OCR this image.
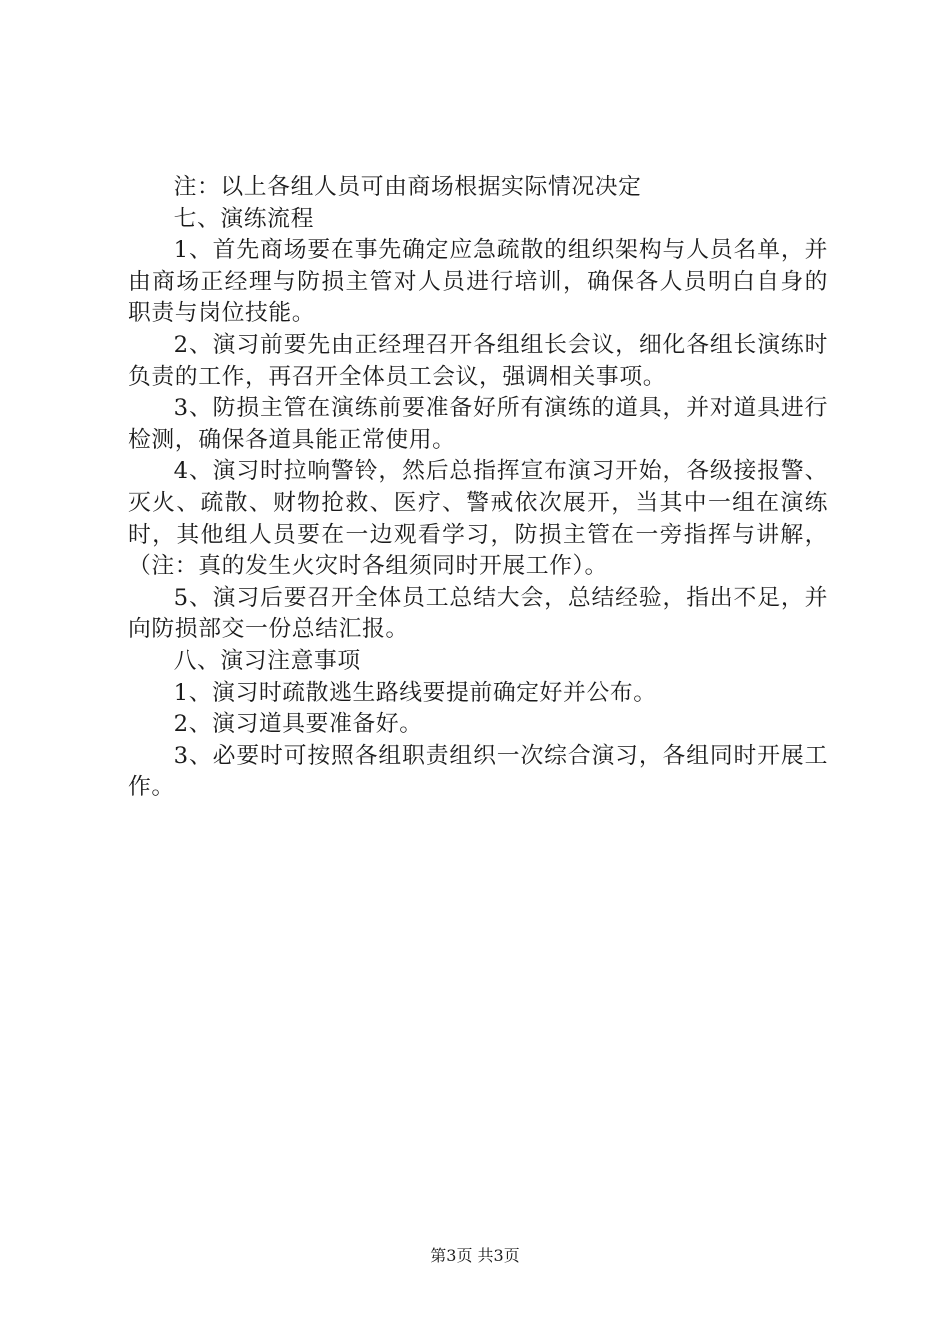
注：以上各组人员可由商场根据实际情况决定

七、演练流程

1、首先商场要在事先确定应急疏散的组织架构与人员名单，并由商场正经理与防损主管对人员进行培训，确保各人员明白自身的职责与岗位技能。

2、演习前要先由正经理召开各组组长会议，细化各组长演练时负责的工作，再召开全体员工会议，强调相关事项。

3、防损主管在演练前要准备好所有演练的道具，并对道具进行检测，确保各道具能正常使用。

4、演习时拉响警铃，然后总指挥宣布演习开始，各级接报警、灭火、疏散、财物抢救、医疗、警戒依次展开，当其中一组在演练时，其他组人员要在一边观看学习，防损主管在一旁指挥与讲解，（注：真的发生火灾时各组须同时开展工作）。

5、演习后要召开全体员工总结大会，总结经验，指出不足，并向防损部交一份总结汇报。

八、演习注意事项

1、演习时疏散逃生路线要提前确定好并公布。

2、演习道具要准备好。

3、必要时可按照各组职责组织一次综合演习，各组同时开展工作。

第3页 共3页
